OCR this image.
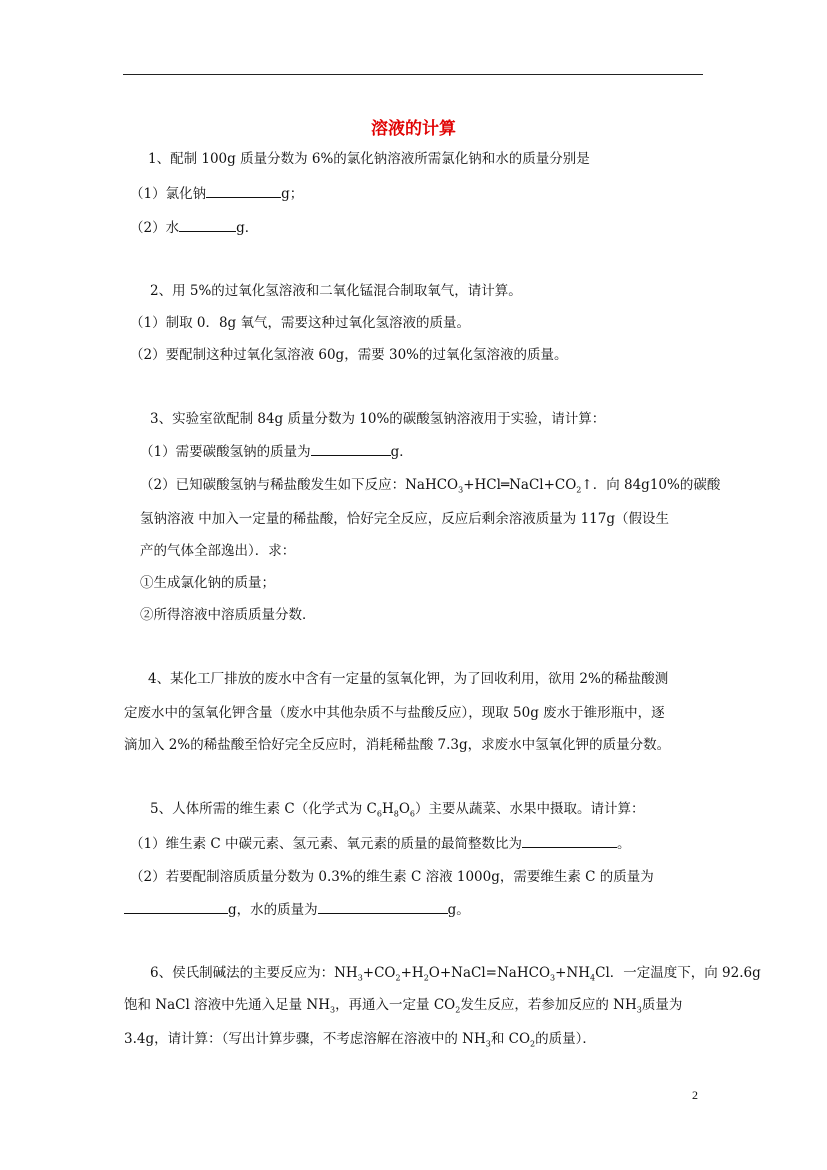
溶液的计算
1、配制 100g 质量分数为 6%的氯化钠溶液所需氯化钠和水的质量分别是
（1）氯化钠	g；
（2）水	g．
2、用 5%的过氧化氢溶液和二氧化锰混合制取氧气，请计算。
（1）制取 0．8g 氧气，需要这种过氧化氢溶液的质量。
（2）要配制这种过氧化氢溶液 60g，需要 30%的过氧化氢溶液的质量。
3、实验室欲配制 84g 质量分数为 10%的碳酸氢钠溶液用于实验，请计算：
（1）需要碳酸氢钠的质量为	g．
（2）已知碳酸氢钠与稀盐酸发生如下反应：$NaHCO_3+HCl═NaCl+CO_2↑$．向 84g10%的碳酸
氢钠溶液 中加入一定量的稀盐酸，恰好完全反应，反应后剩余溶液质量为 117g（假设生
产的气体全部逸出）．求：
①生成氯化钠的质量；
②所得溶液中溶质质量分数．
4、某化工厂排放的废水中含有一定量的氢氧化钾，为了回收利用，欲用 2%的稀盐酸测
定废水中的氢氧化钾含量（废水中其他杂质不与盐酸反应），现取 50g 废水于锥形瓶中，逐
滴加入 2%的稀盐酸至恰好完全反应时，消耗稀盐酸 7.3g，求废水中氢氧化钾的质量分数。
5、人体所需的维生素 C（化学式为 $C_6H_8O_6$）主要从蔬菜、水果中摄取。请计算：
（1）维生素 C 中碳元素、氢元素、氧元素的质量的最简整数比为	。
（2）若要配制溶质质量分数为 0.3%的维生素 C 溶液 1000g，需要维生素 C 的质量为
g，水的质量为	g。
6、侯氏制碱法的主要反应为：$NH_3+CO_2+H_2O+NaCl=NaHCO_3+NH_4Cl$．一定温度下，向 92.6g
饱和 NaCl 溶液中先通入足量 $NH_3$，再通入一定量 $CO_2$发生反应，若参加反应的 $NH_3$质量为
3.4g，请计算：（写出计算步骤，不考虑溶解在溶液中的 $NH_3$和 $CO_2$的质量）．
2
